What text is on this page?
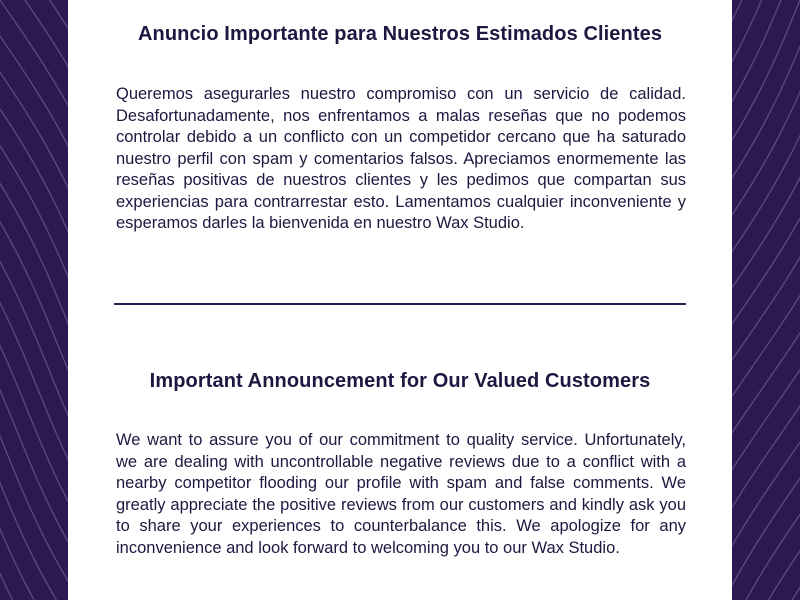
Anuncio Importante para Nuestros Estimados Clientes
Queremos asegurarles nuestro compromiso con un servicio de calidad. Desafortunadamente, nos enfrentamos a malas reseñas que no podemos controlar debido a un conflicto con un competidor cercano que ha saturado nuestro perfil con spam y comentarios falsos. Apreciamos enormemente las reseñas positivas de nuestros clientes y les pedimos que compartan sus experiencias para contrarrestar esto. Lamentamos cualquier inconveniente y esperamos darles la bienvenida en nuestro Wax Studio.
Important Announcement for Our Valued Customers
We want to assure you of our commitment to quality service. Unfortunately, we are dealing with uncontrollable negative reviews due to a conflict with a nearby competitor flooding our profile with spam and false comments. We greatly appreciate the positive reviews from our customers and kindly ask you to share your experiences to counterbalance this. We apologize for any inconvenience and look forward to welcoming you to our Wax Studio.
